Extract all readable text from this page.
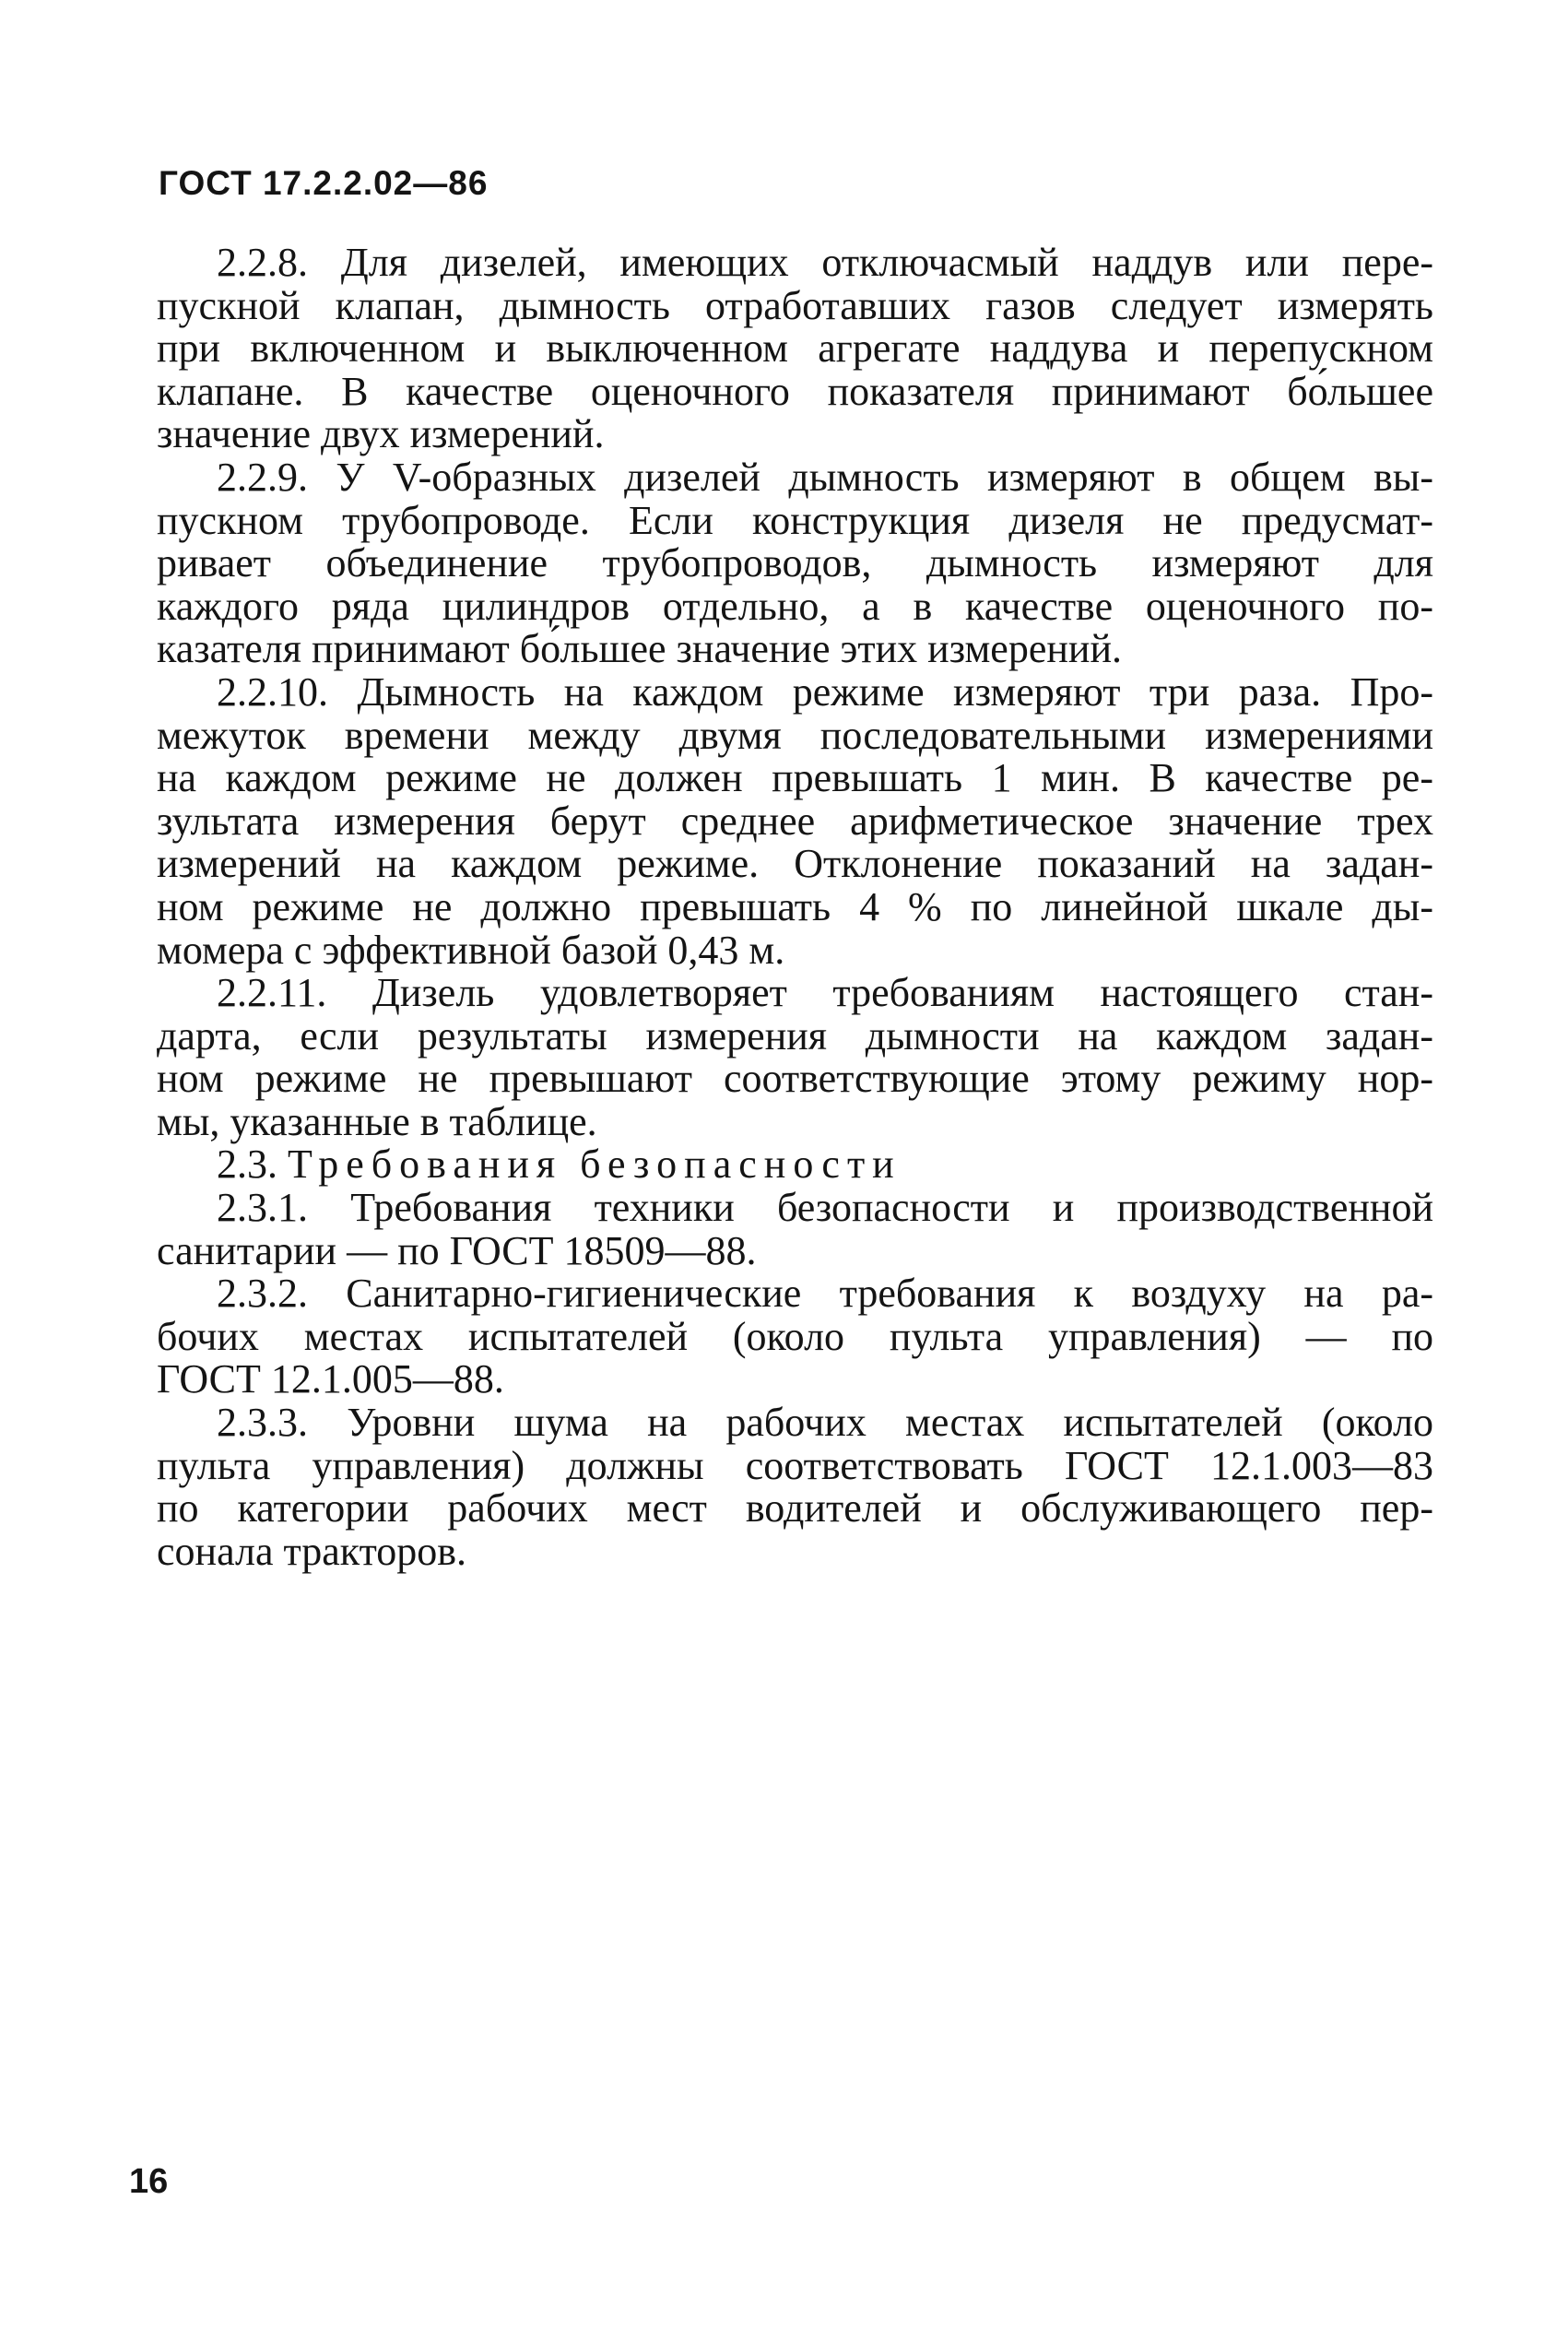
ГОСТ 17.2.2.02—86
2.2.8. Для дизелей, имеющих отключасмый наддув или пере-
пускной клапан, дымность отработавших газов следует измерять
при включенном и выключенном агрегате наддува и перепускном
клапане. В качестве оценочного показателя принимают бо́льшее
значение двух измерений.
2.2.9. У V-образных дизелей дымность измеряют в общем вы-
пускном трубопроводе. Если конструкция дизеля не предусмат-
ривает объединение трубопроводов, дымность измеряют для
каждого ряда цилиндров отдельно, а в качестве оценочного по-
казателя принимают бо́льшее значение этих измерений.
2.2.10. Дымность на каждом режиме измеряют три раза. Про-
межуток времени между двумя последовательными измерениями
на каждом режиме не должен превышать 1 мин. В качестве ре-
зультата измерения берут среднее арифметическое значение трех
измерений на каждом режиме. Отклонение показаний на задан-
ном режиме не должно превышать 4 % по линейной шкале ды-
момера с эффективной базой 0,43 м.
2.2.11. Дизель удовлетворяет требованиям настоящего стан-
дарта, если результаты измерения дымности на каждом задан-
ном режиме не превышают соответствующие этому режиму нор-
мы, указанные в таблице.
2.3. Требования безопасности
2.3.1. Требования техники безопасности и производственной
санитарии — по ГОСТ 18509—88.
2.3.2. Санитарно-гигиенические требования к воздуху на ра-
бочих местах испытателей (около пульта управления) — по
ГОСТ 12.1.005—88.
2.3.3. Уровни шума на рабочих местах испытателей (около
пульта управления) должны соответствовать ГОСТ 12.1.003—83
по категории рабочих мест водителей и обслуживающего пер-
сонала тракторов.
16
